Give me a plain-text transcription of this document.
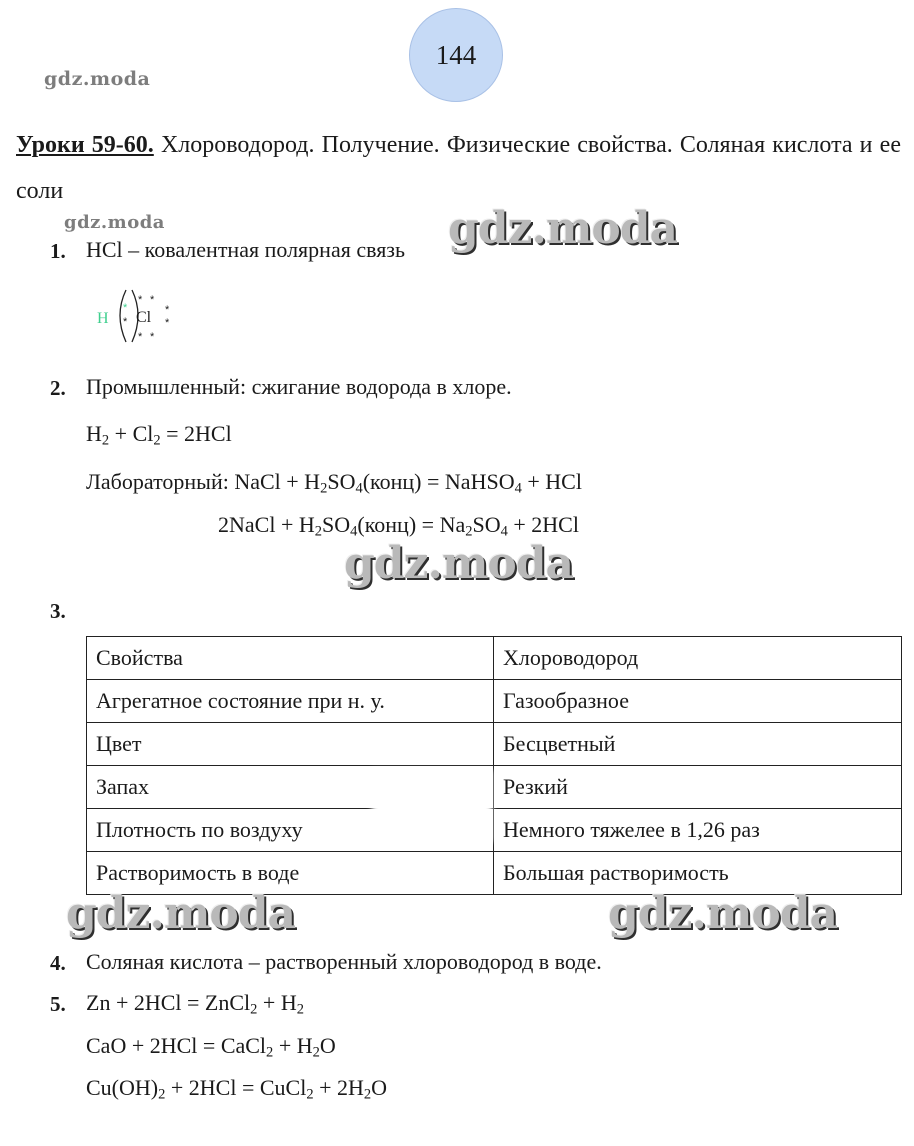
144
gdz.moda
gdz.moda
Уроки 59-60. Хлороводород. Получение. Физические свойства. Соляная кислота и ее соли
1. HCl – ковалентная полярная связь
H Cl
*
*
* *
*
*
* *
2. Промышленный: сжигание водорода в хлоре.
$H_2 + Cl_2 = 2HCl$
Лабораторный: NaCl + $H_2SO_4(конц)$ = NaHSO$_4$ + HCl
2NaCl + $H_2SO_4(конц) = Na_2SO_4 + 2HCl$
3.
Свойства	Хлороводород
Агрегатное состояние при н. у.	Газообразное
Цвет	Бесцветный
Запах	Резкий
Плотность по воздуху	Немного тяжелее в 1,26 раз
Растворимость в воде	Большая растворимость
4. Соляная кислота – растворенный хлороводород в воде.
5. Zn + 2HCl = ZnCl$_2$ + $H_2$
CaO + 2HCl = CaCl$_2$ + $H_2O$
$Cu(OH)_2 + 2HCl$ = CuCl$_2$ + $2H_2O$
gdz.moda
gdz.moda
gdz.moda	gdz.moda
